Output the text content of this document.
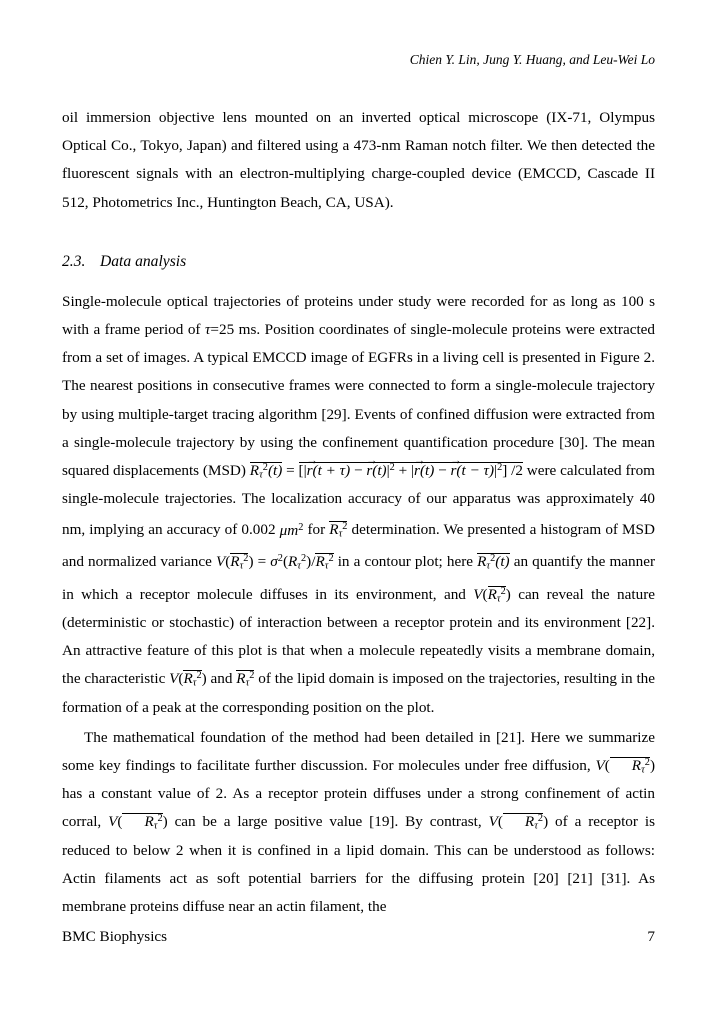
Chien Y. Lin, Jung Y. Huang, and Leu-Wei Lo

oil immersion objective lens mounted on an inverted optical microscope (IX-71, Olympus Optical Co., Tokyo, Japan) and filtered using a 473-nm Raman notch filter. We then detected the fluorescent signals with an electron-multiplying charge-coupled device (EMCCD, Cascade II 512, Photometrics Inc., Huntington Beach, CA, USA).

2.3. Data analysis

Single-molecule optical trajectories of proteins under study were recorded for as long as 100 s with a frame period of τ=25 ms. Position coordinates of single-molecule proteins were extracted from a set of images. A typical EMCCD image of EGFRs in a living cell is presented in Figure 2. The nearest positions in consecutive frames were connected to form a single-molecule trajectory by using multiple-target tracing algorithm [29]. Events of confined diffusion were extracted from a single-molecule trajectory by using the confinement quantification procedure [30]. The mean squared displacements (MSD) $R_\tau^2(t)$ = [|
→
r(t + τ) −
→
$r(t)|^2$ + |
→
r(t) −
→
$r(t - \tau)|^2$] /2 were calculated from single-molecule trajectories. The localization accuracy of our apparatus was approximately 40 nm, implying an accuracy of 0.002 $\mu m^2$ for $R_\tau^2$ determination. We presented a histogram of MSD and normalized variance $V(R_\tau^2) = \sigma^2(R_\tau^2)/R_\tau^2$ in a contour plot; here $R_\tau^2(t)$ an quantify the manner in which a receptor molecule diffuses in its environment, and $V(R_\tau^2)$ can reveal the nature (deterministic or stochastic) of interaction between a receptor protein and its environment [22]. An attractive feature of this plot is that when a molecule repeatedly visits a membrane domain, the characteristic $V(R_\tau^2)$ and $R_\tau^2$ of the lipid domain is imposed on the trajectories, resulting in the formation of a peak at the corresponding position on the plot.

The mathematical foundation of the method had been detailed in [21]. Here we summarize some key findings to facilitate further discussion. For molecules under free diffusion, V( $R_\tau^2$) has a constant value of 2. As a receptor protein diffuses under a strong confinement of actin corral, V( $R_\tau^2$) can be a large positive value [19]. By contrast, V( $R_\tau^2$) of a receptor is reduced to below 2 when it is confined in a lipid domain. This can be understood as follows: Actin filaments act as soft potential barriers for the diffusing protein [20] [21] [31]. As membrane proteins diffuse near an actin filament, the

BMC Biophysics	7
